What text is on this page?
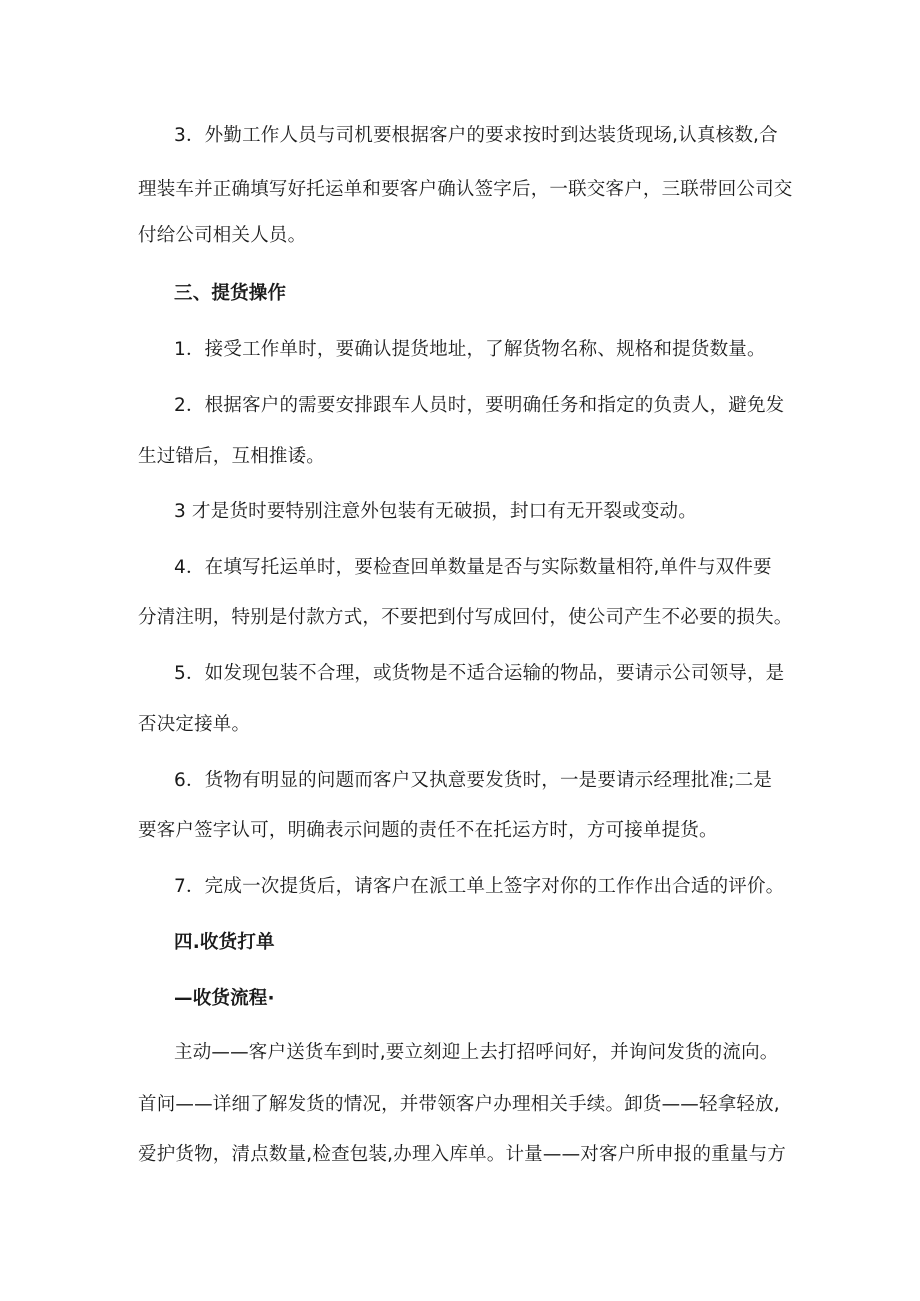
3．外勤工作人员与司机要根据客户的要求按时到达装货现场,认真核数,合
理装车并正确填写好托运单和要客户确认签字后，一联交客户，三联带回公司交
付给公司相关人员。
三、提货操作
1．接受工作单时，要确认提货地址，了解货物名称、规格和提货数量。
2．根据客户的需要安排跟车人员时，要明确任务和指定的负责人，避免发
生过错后，互相推诿。
3 才是货时要特别注意外包装有无破损，封口有无开裂或变动。
4．在填写托运单时，要检查回单数量是否与实际数量相符,单件与双件要
分清注明，特别是付款方式，不要把到付写成回付，使公司产生不必要的损失。
5．如发现包装不合理，或货物是不适合运输的物品，要请示公司领导，是
否决定接单。
6．货物有明显的问题而客户又执意要发货时，一是要请示经理批准;二是
要客户签字认可，明确表示问题的责任不在托运方时，方可接单提货。
7．完成一次提货后，请客户在派工单上签字对你的工作作出合适的评价。
四.收货打单
—收货流程·
主动——客户送货车到时,要立刻迎上去打招呼问好，并询问发货的流向。
首问——详细了解发货的情况，并带领客户办理相关手续。卸货——轻拿轻放,
爱护货物，清点数量,检查包装,办理入库单。计量——对客户所申报的重量与方
